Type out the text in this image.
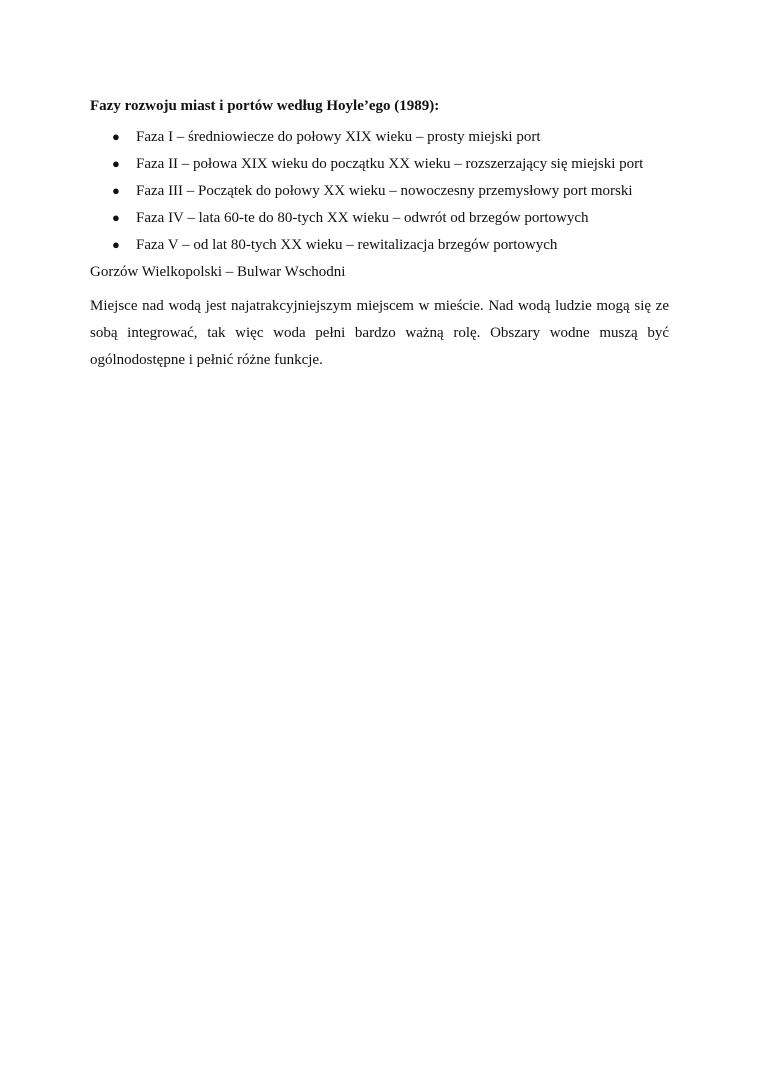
Fazy rozwoju miast i portów według Hoyle’ego (1989):

● Faza I – średniowiecze do połowy XIX wieku – prosty miejski port
● Faza II – połowa XIX wieku do początku XX wieku – rozszerzający się miejski port
● Faza III – Początek do połowy XX wieku – nowoczesny przemysłowy port morski
● Faza IV – lata 60-te do 80-tych XX wieku – odwrót od brzegów portowych
● Faza V – od lat 80-tych XX wieku – rewitalizacja brzegów portowych

Gorzów Wielkopolski – Bulwar Wschodni

Miejsce nad wodą jest najatrakcyjniejszym miejscem w mieście. Nad wodą ludzie mogą się ze sobą integrować, tak więc woda pełni bardzo ważną rolę. Obszary wodne muszą być ogólnodostępne i pełnić różne funkcje.
